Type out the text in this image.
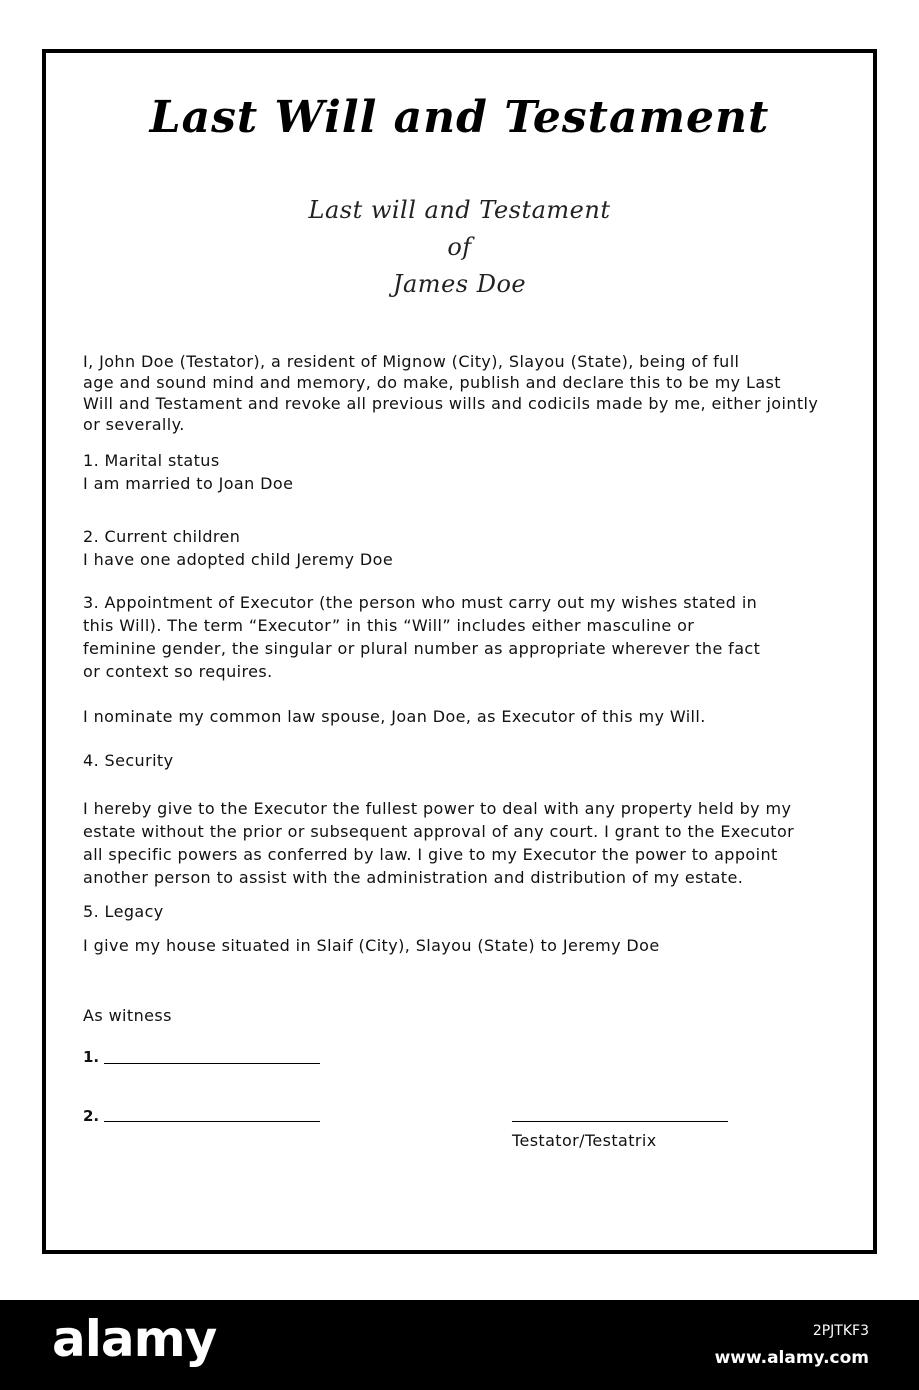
Last Will and Testament
Last will and Testament
of
James Doe
I, John Doe (Testator), a resident of Mignow (City), Slayou (State), being of full
age and sound mind and memory, do make, publish and declare this to be my Last
Will and Testament and revoke all previous wills and codicils made by me, either jointly
or severally.
1. Marital status
I am married to Joan Doe
2. Current children
I have one adopted child Jeremy Doe
3. Appointment of Executor (the person who must carry out my wishes stated in
this Will). The term “Executor” in this “Will” includes either masculine or
feminine gender, the singular or plural number as appropriate wherever the fact
or context so requires.
I nominate my common law spouse, Joan Doe, as Executor of this my Will.
4. Security
I hereby give to the Executor the fullest power to deal with any property held by my
estate without the prior or subsequent approval of any court. I grant to the Executor
all specific powers as conferred by law. I give to my Executor the power to appoint
another person to assist with the administration and distribution of my estate.
5. Legacy
I give my house situated in Slaif (City), Slayou (State) to Jeremy Doe
As witness
1.
2.
Testator/Testatrix
alamy	2PJTKF3
www.alamy.com
